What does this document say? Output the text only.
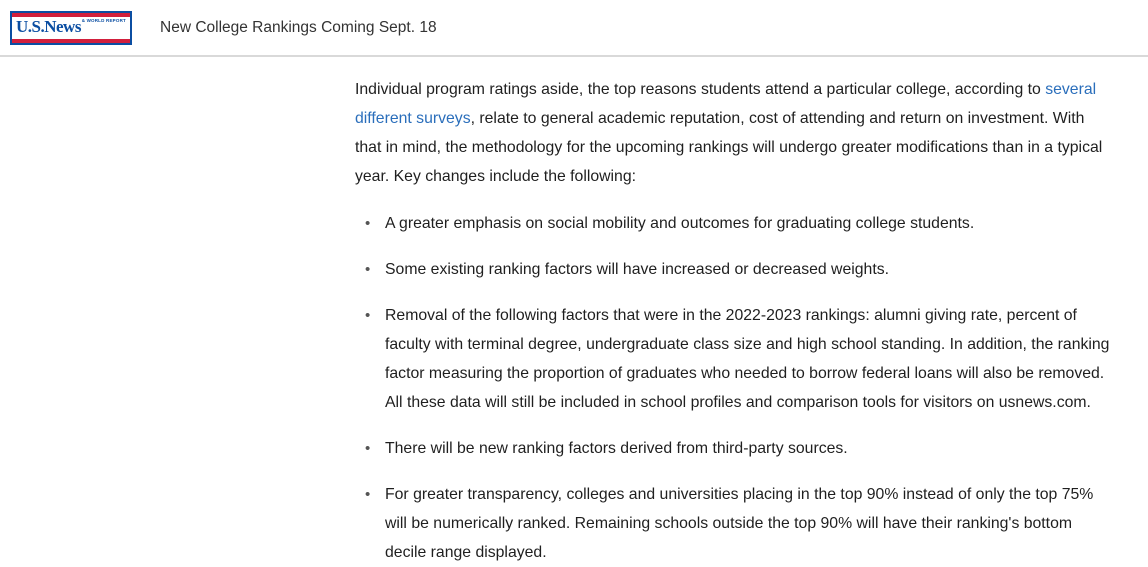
U.S.News & WORLD REPORT New College Rankings Coming Sept. 18

Individual program ratings aside, the top reasons students attend a particular college, according to several different surveys, relate to general academic reputation, cost of attending and return on investment. With that in mind, the methodology for the upcoming rankings will undergo greater modifications than in a typical year. Key changes include the following:

• A greater emphasis on social mobility and outcomes for graduating college students.
• Some existing ranking factors will have increased or decreased weights.
• Removal of the following factors that were in the 2022-2023 rankings: alumni giving rate, percent of faculty with terminal degree, undergraduate class size and high school standing. In addition, the ranking factor measuring the proportion of graduates who needed to borrow federal loans will also be removed. All these data will still be included in school profiles and comparison tools for visitors on usnews.com.
• There will be new ranking factors derived from third-party sources.
• For greater transparency, colleges and universities placing in the top 90% instead of only the top 75% will be numerically ranked. Remaining schools outside the top 90% will have their ranking's bottom decile range displayed.
